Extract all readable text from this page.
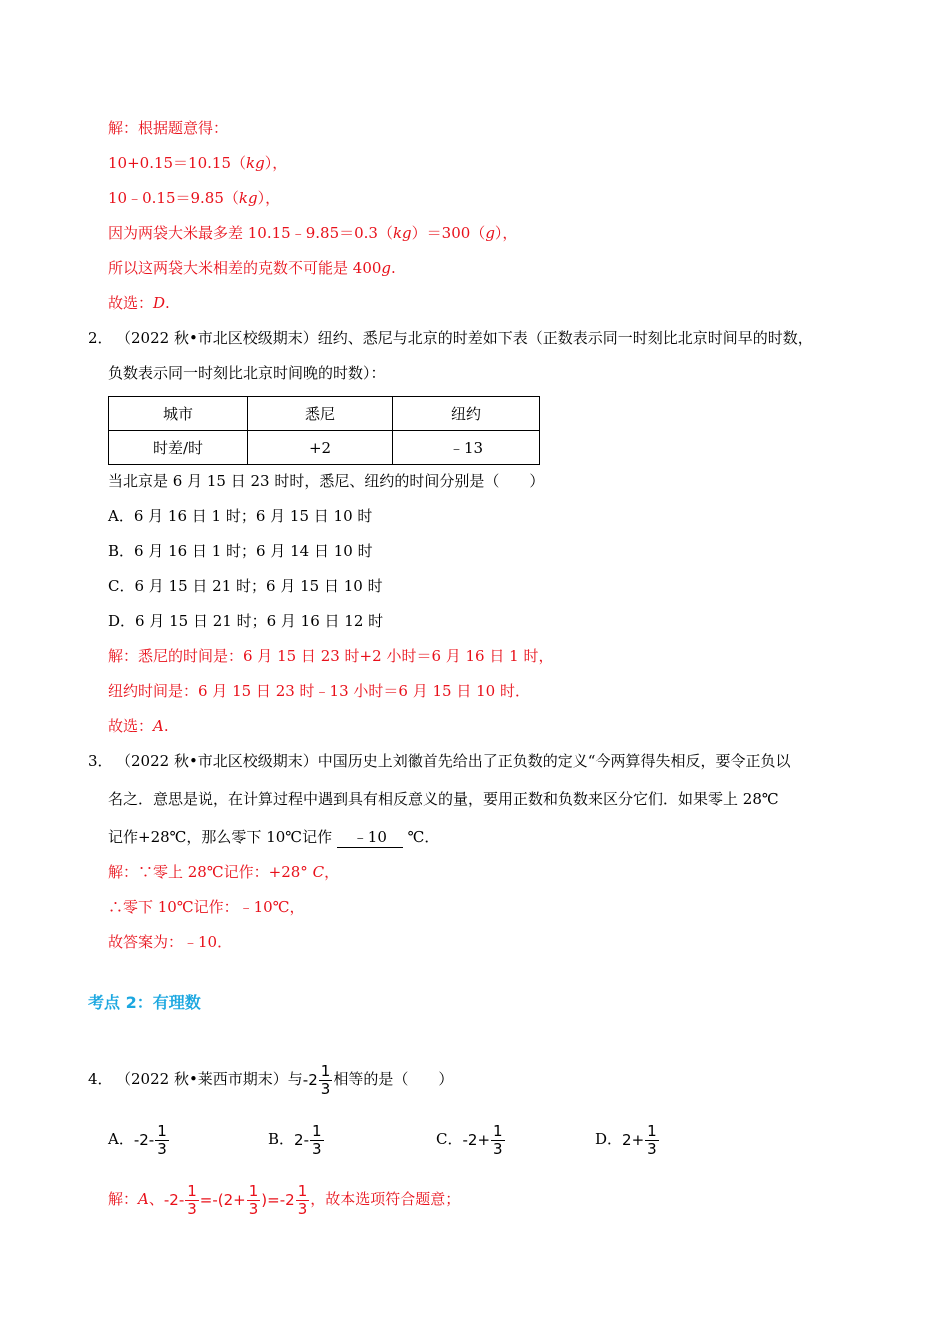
解：根据题意得：
10+0.15＝10.15（kg），
10﹣0.15＝9.85（kg），
因为两袋大米最多差 10.15﹣9.85＝0.3（kg）＝300（g），
所以这两袋大米相差的克数不可能是 400g.
故选：D.
2． （2022 秋•市北区校级期末）纽约、悉尼与北京的时差如下表（正数表示同一时刻比北京时间早的时数，
负数表示同一时刻比北京时间晚的时数）：
城市	悉尼	纽约
时差/时	+2	﹣13
当北京是 6 月 15 日 23 时时，悉尼、纽约的时间分别是（　　）
A．6 月 16 日 1 时；6 月 15 日 10 时
B．6 月 16 日 1 时；6 月 14 日 10 时
C．6 月 15 日 21 时；6 月 15 日 10 时
D．6 月 15 日 21 时；6 月 16 日 12 时
解：悉尼的时间是：6 月 15 日 23 时+2 小时＝6 月 16 日 1 时，
纽约时间是：6 月 15 日 23 时﹣13 小时＝6 月 15 日 10 时．
故选：A.
3． （2022 秋•市北区校级期末）中国历史上刘徽首先给出了正负数的定义“今两算得失相反，要令正负以
名之．意思是说，在计算过程中遇到具有相反意义的量，要用正数和负数来区分它们．如果零上 28℃
记作+28℃，那么零下 10℃记作 ﹣10 ℃．
解：∵零上 28℃记作：+28° C，
∴零下 10℃记作：﹣10℃，
故答案为：﹣10．
考点 2：有理数
4． （2022 秋•莱西市期末）与$-2 \frac{1}{3}$ 相等的是（　　）
A．$-2- \frac{1}{3}$	B．$2- \frac{1}{3}$	C．$-2+ \frac{1}{3}$	D．$2+ \frac{1}{3}$
解：A、$-2- \frac{1}{3} =-(2+ \frac{1}{3} )=-2 \frac{1}{3}$ ，故本选项符合题意；
